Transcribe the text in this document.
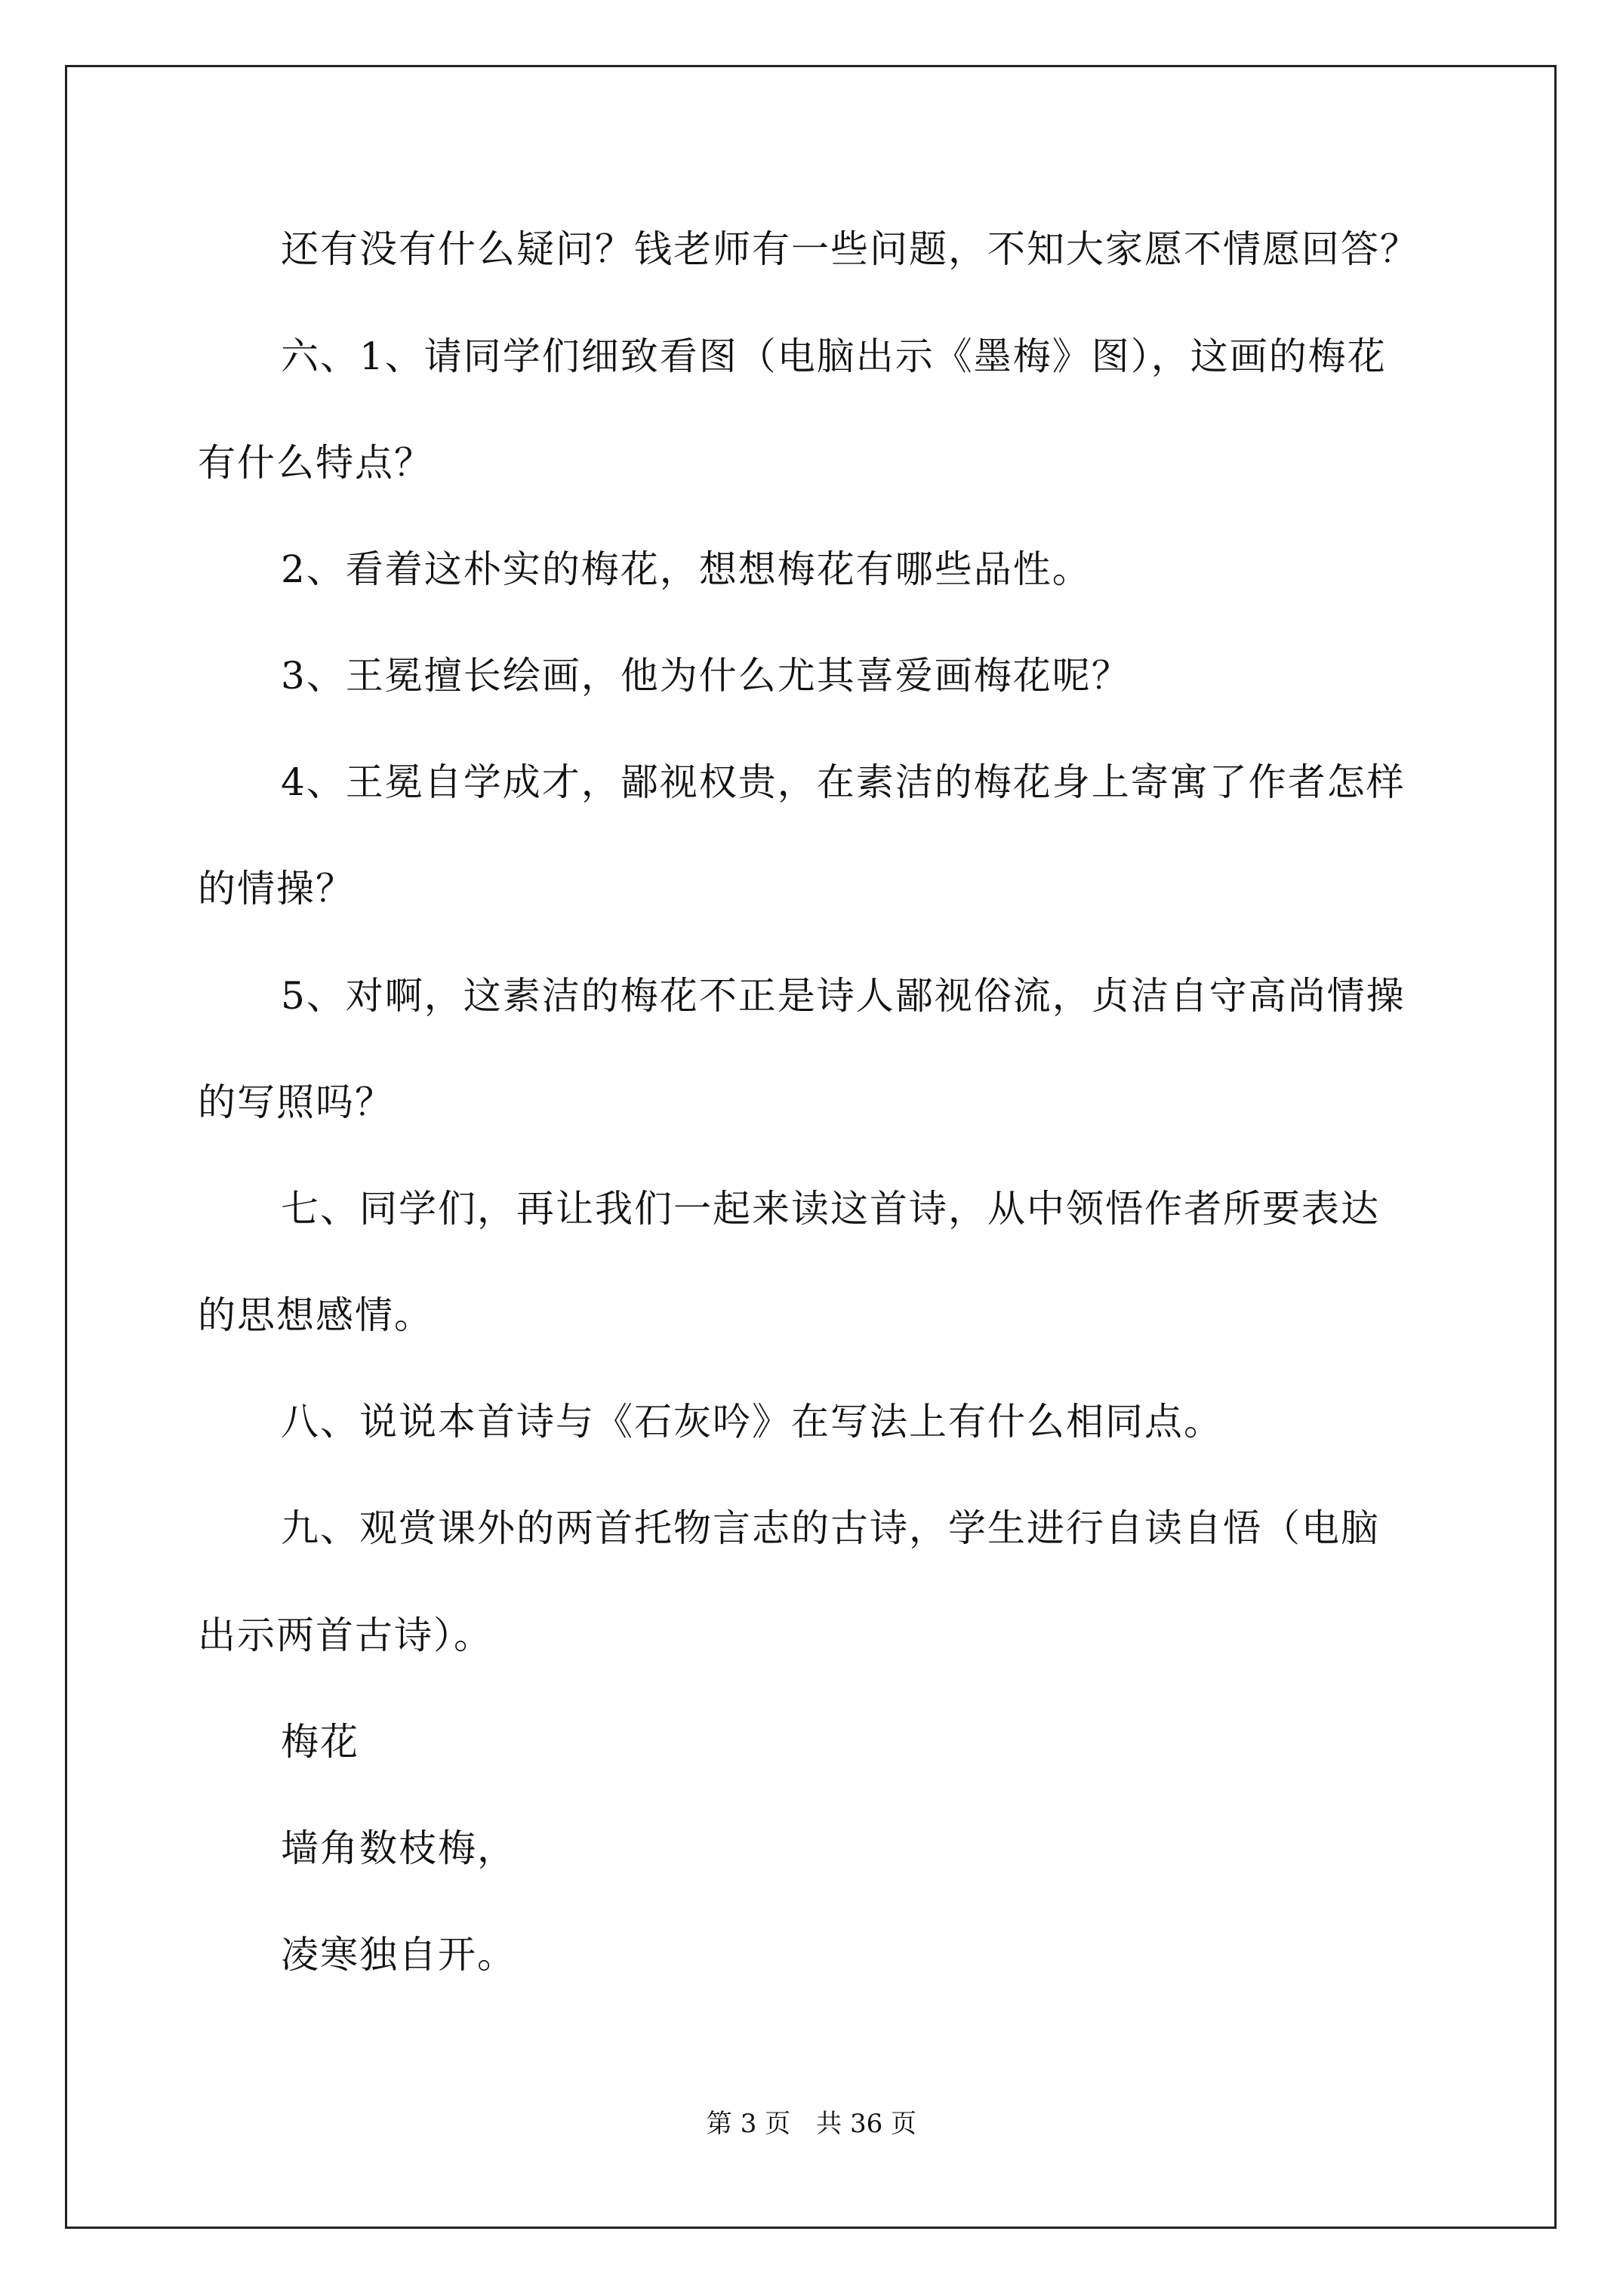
还有没有什么疑问？钱老师有一些问题，不知大家愿不情愿回答？
六、1、请同学们细致看图（电脑出示《墨梅》图），这画的梅花
有什么特点？
2、看着这朴实的梅花，想想梅花有哪些品性。
3、王冕擅长绘画，他为什么尤其喜爱画梅花呢？
4、王冕自学成才，鄙视权贵，在素洁的梅花身上寄寓了作者怎样
的情操？
5、对啊，这素洁的梅花不正是诗人鄙视俗流，贞洁自守高尚情操
的写照吗？
七、同学们，再让我们一起来读这首诗，从中领悟作者所要表达
的思想感情。
八、说说本首诗与《石灰吟》在写法上有什么相同点。
九、观赏课外的两首托物言志的古诗，学生进行自读自悟（电脑
出示两首古诗）。
梅花
墙角数枝梅，
凌寒独自开。
第 3 页　共 36 页
